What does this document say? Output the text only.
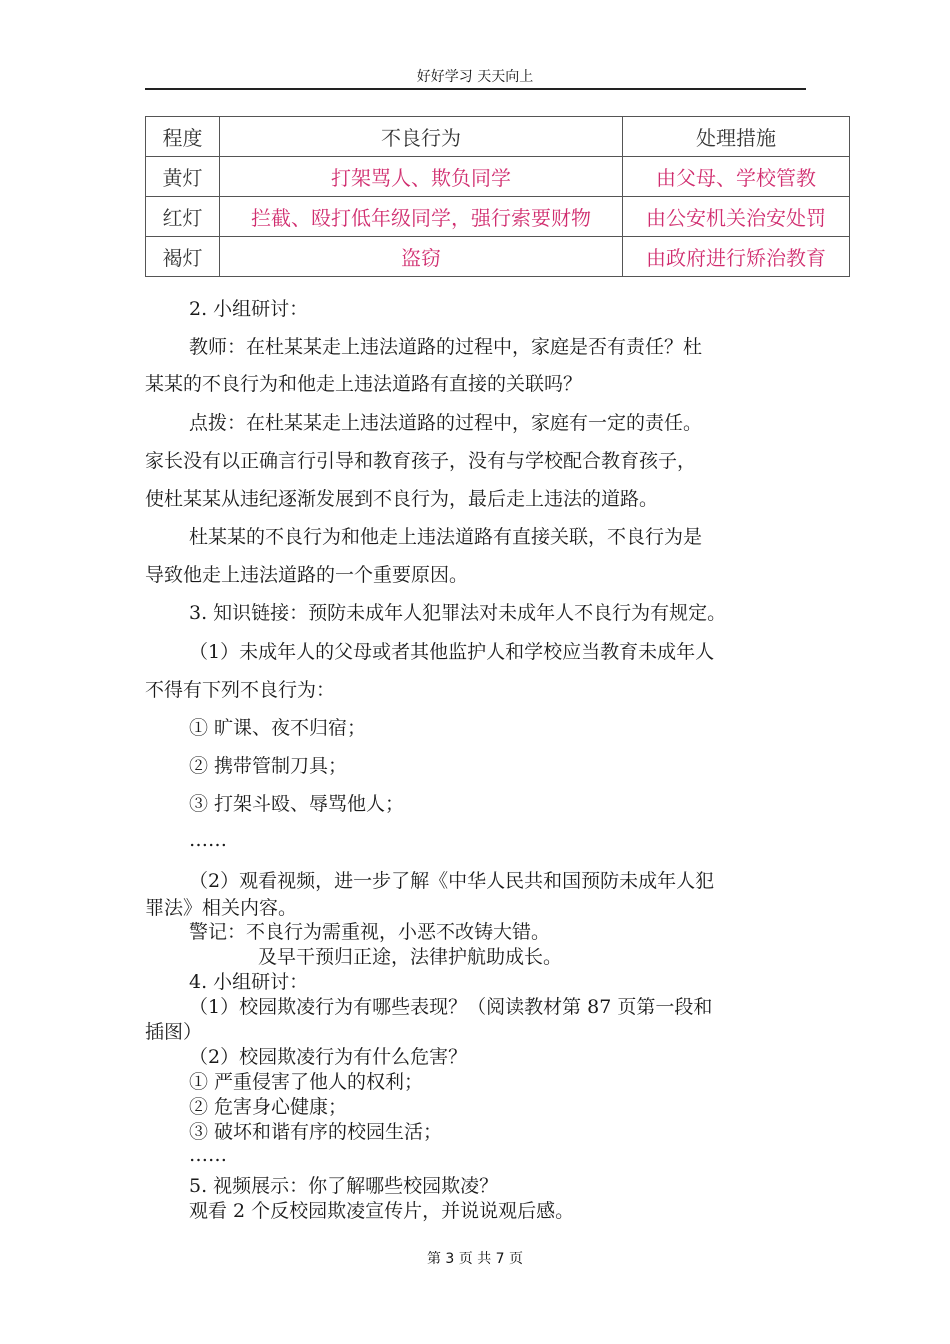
好好学习 天天向上
程度	不良行为	处理措施
黄灯	打架骂人、欺负同学	由父母、学校管教
红灯	拦截、殴打低年级同学，强行索要财物	由公安机关治安处罚
褐灯	盗窃	由政府进行矫治教育
2. 小组研讨：
教师：在杜某某走上违法道路的过程中，家庭是否有责任？杜
某某的不良行为和他走上违法道路有直接的关联吗？
点拨：在杜某某走上违法道路的过程中，家庭有一定的责任。
家长没有以正确言行引导和教育孩子，没有与学校配合教育孩子，
使杜某某从违纪逐渐发展到不良行为，最后走上违法的道路。
杜某某的不良行为和他走上违法道路有直接关联，不良行为是
导致他走上违法道路的一个重要原因。
3. 知识链接：预防未成年人犯罪法对未成年人不良行为有规定。
（1）未成年人的父母或者其他监护人和学校应当教育未成年人
不得有下列不良行为：
① 旷课、夜不归宿；
② 携带管制刀具；
③ 打架斗殴、辱骂他人；
……
（2）观看视频，进一步了解《中华人民共和国预防未成年人犯
罪法》相关内容。
警记：不良行为需重视，小恶不改铸大错。
及早干预归正途，法律护航助成长。
4. 小组研讨：
（1）校园欺凌行为有哪些表现？（阅读教材第 87 页第一段和
插图）
（2）校园欺凌行为有什么危害？
① 严重侵害了他人的权利；
② 危害身心健康；
③ 破坏和谐有序的校园生活；
……
5. 视频展示：你了解哪些校园欺凌？
观看 2 个反校园欺凌宣传片，并说说观后感。
第 3 页 共 7 页
